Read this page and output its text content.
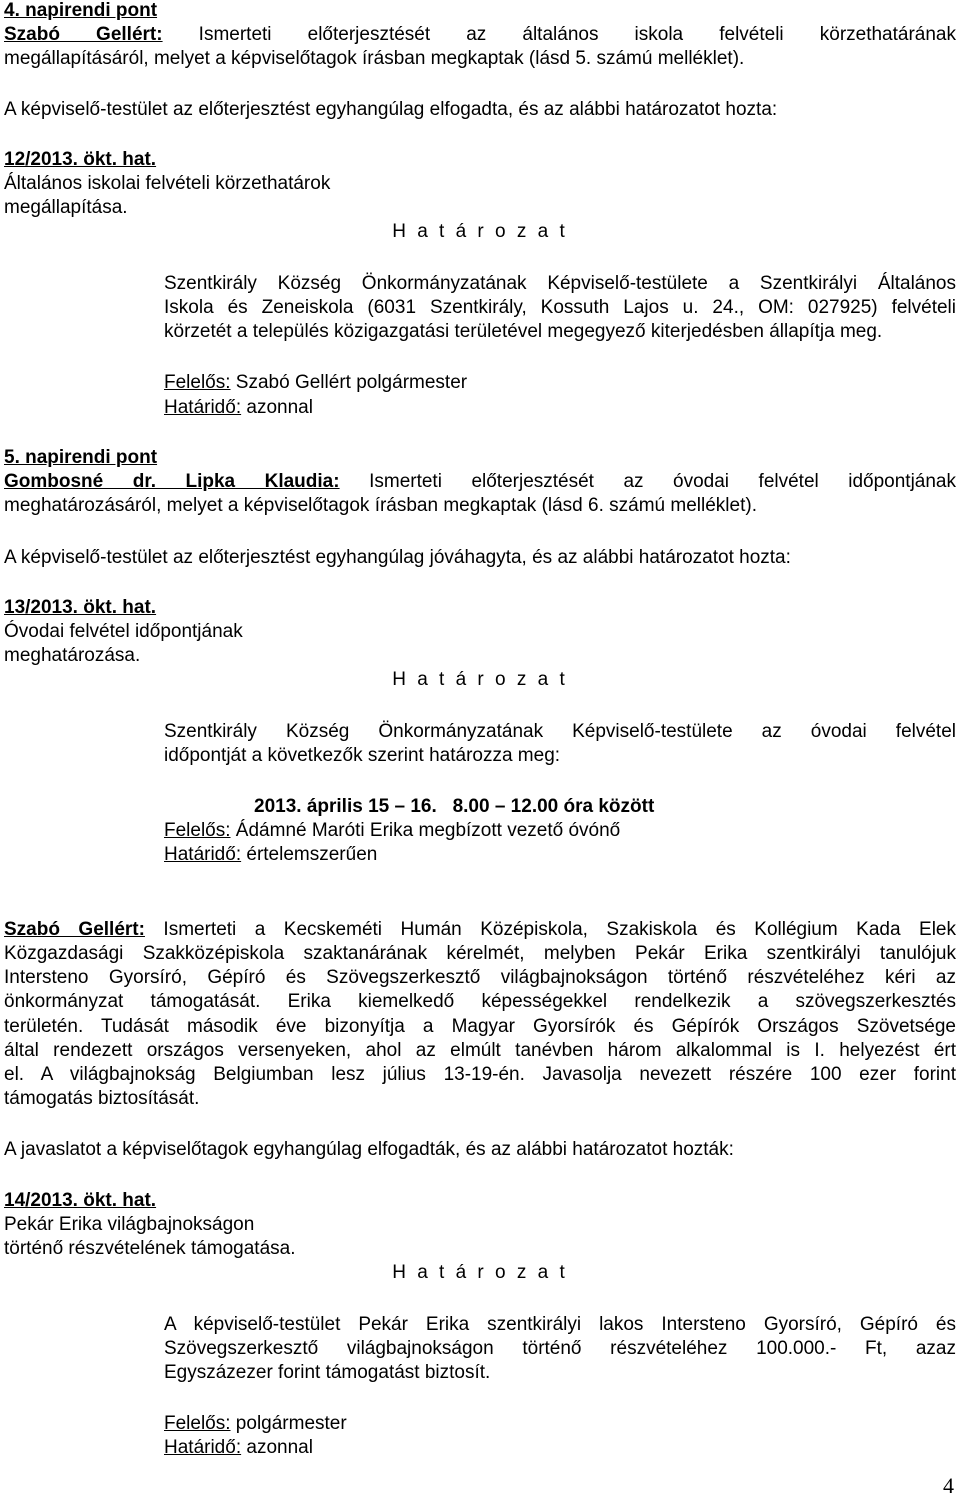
4. napirendi pont

Szabó Gellért: Ismerteti előterjesztését az általános iskola felvételi körzethatárának

megállapításáról, melyet a képviselőtagok írásban megkaptak (lásd 5. számú melléklet).

A képviselő-testület az előterjesztést egyhangúlag elfogadta, és az alábbi határozatot hozta:

12/2013. ökt. hat.

Általános iskolai felvételi körzethatárok

megállapítása.

H a t á r o z a t

Szentkirály Község Önkormányzatának Képviselő-testülete a Szentkirályi Általános

Iskola és Zeneiskola (6031 Szentkirály, Kossuth Lajos u. 24., OM: 027925) felvételi

körzetét a település közigazgatási területével megegyező kiterjedésben állapítja meg.

Felelős: Szabó Gellért polgármester

Határidő: azonnal

5. napirendi pont

Gombosné dr. Lipka Klaudia: Ismerteti előterjesztését az óvodai felvétel időpontjának

meghatározásáról, melyet a képviselőtagok írásban megkaptak (lásd 6. számú melléklet).

A képviselő-testület az előterjesztést egyhangúlag jóváhagyta, és az alábbi határozatot hozta:

13/2013. ökt. hat.

Óvodai felvétel időpontjának

meghatározása.

H a t á r o z a t

Szentkirály Község Önkormányzatának Képviselő-testülete az óvodai felvétel

időpontját a következők szerint határozza meg:

2013. április 15 – 16.   8.00 – 12.00 óra között

Felelős: Ádámné Maróti Erika megbízott vezető óvónő

Határidő: értelemszerűen

Szabó Gellért: Ismerteti a Kecskeméti Humán Középiskola, Szakiskola és Kollégium Kada Elek

Közgazdasági Szakközépiskola szaktanárának kérelmét, melyben Pekár Erika szentkirályi tanulójuk

Intersteno Gyorsíró, Gépíró és Szövegszerkesztő világbajnokságon történő részvételéhez kéri az

önkormányzat támogatását. Erika kiemelkedő képességekkel rendelkezik a szövegszerkesztés

területén. Tudását második éve bizonyítja a Magyar Gyorsírók és Gépírók Országos Szövetsége

által rendezett országos versenyeken, ahol az elmúlt tanévben három alkalommal is I. helyezést ért

el. A világbajnokság Belgiumban lesz július 13-19-én. Javasolja nevezett részére 100 ezer forint

támogatás biztosítását.

A javaslatot a képviselőtagok egyhangúlag elfogadták, és az alábbi határozatot hozták:

14/2013. ökt. hat.

Pekár Erika világbajnokságon

történő részvételének támogatása.

H a t á r o z a t

A képviselő-testület Pekár Erika szentkirályi lakos Intersteno Gyorsíró, Gépíró és

Szövegszerkesztő világbajnokságon történő részvételéhez 100.000.- Ft, azaz

Egyszázezer forint támogatást biztosít.

Felelős: polgármester

Határidő: azonnal

4
